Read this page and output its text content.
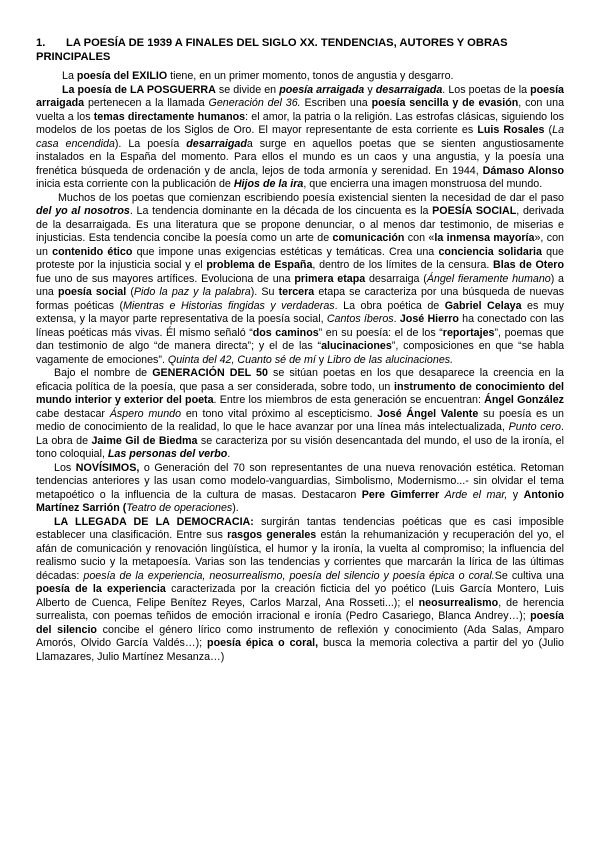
1. LA POESÍA DE 1939 A FINALES DEL SIGLO XX. TENDENCIAS, AUTORES Y OBRAS PRINCIPALES

La poesía del EXILIO tiene, en un primer momento, tonos de angustia y desgarro.

La poesía de LA POSGUERRA se divide en poesía arraigada y desarraigada. Los poetas de la poesía arraigada pertenecen a la llamada Generación del 36. Escriben una poesía sencilla y de evasión, con una vuelta a los temas directamente humanos: el amor, la patria o la religión. Las estrofas clásicas, siguiendo los modelos de los poetas de los Siglos de Oro. El mayor representante de esta corriente es Luis Rosales (La casa encendida). La poesía desarraigada surge en aquellos poetas que se sienten angustiosamente instalados en la España del momento. Para ellos el mundo es un caos y una angustia, y la poesía una frenética búsqueda de ordenación y de ancla, lejos de toda armonía y serenidad. En 1944, Dámaso Alonso inicia esta corriente con la publicación de Hijos de la ira, que encierra una imagen monstruosa del mundo.

Muchos de los poetas que comienzan escribiendo poesía existencial sienten la necesidad de dar el paso del yo al nosotros. La tendencia dominante en la década de los cincuenta es la POESÍA SOCIAL, derivada de la desarraigada. Es una literatura que se propone denunciar, o al menos dar testimonio, de miserias e injusticias. Esta tendencia concibe la poesía como un arte de comunicación con «la inmensa mayoría», con un contenido ético que impone unas exigencias estéticas y temáticas. Crea una conciencia solidaria que proteste por la injusticia social y el problema de España, dentro de los límites de la censura. Blas de Otero fue uno de sus mayores artífices. Evoluciona de una primera etapa desarraiga (Ángel fieramente humano) a una poesía social (Pido la paz y la palabra). Su tercera etapa se caracteriza por una búsqueda de nuevas formas poéticas (Mientras e Historias fingidas y verdaderas. La obra poética de Gabriel Celaya es muy extensa, y la mayor parte representativa de la poesía social, Cantos íberos. José Hierro ha conectado con las líneas poéticas más vivas. Él mismo señaló “dos caminos” en su poesía: el de los “reportajes”, poemas que dan testimonio de algo “de manera directa”; y el de las “alucinaciones”, composiciones en que “se habla vagamente de emociones”. Quinta del 42, Cuanto sé de mí y Libro de las alucinaciones.

Bajo el nombre de GENERACIÓN DEL 50 se sitúan poetas en los que desaparece la creencia en la eficacia política de la poesía, que pasa a ser considerada, sobre todo, un instrumento de conocimiento del mundo interior y exterior del poeta. Entre los miembros de esta generación se encuentran: Ángel González cabe destacar Áspero mundo en tono vital próximo al escepticismo. José Ángel Valente su poesía es un medio de conocimiento de la realidad, lo que le hace avanzar por una línea más intelectualizada, Punto cero. La obra de Jaime Gil de Biedma se caracteriza por su visión desencantada del mundo, el uso de la ironía, el tono coloquial, Las personas del verbo.

Los NOVÍSIMOS, o Generación del 70 son representantes de una nueva renovación estética. Retoman tendencias anteriores y las usan como modelo-vanguardias, Simbolismo, Modernismo...- sin olvidar el tema metapoético o la influencia de la cultura de masas. Destacaron Pere Gimferrer Arde el mar, y Antonio Martínez Sarrión (Teatro de operaciones).

LA LLEGADA DE LA DEMOCRACIA: surgirán tantas tendencias poéticas que es casi imposible establecer una clasificación. Entre sus rasgos generales están la rehumanización y recuperación del yo, el afán de comunicación y renovación lingüística, el humor y la ironía, la vuelta al compromiso; la influencia del realismo sucio y la metapoesía. Varias son las tendencias y corrientes que marcarán la lírica de las últimas décadas: poesía de la experiencia, neosurrealismo, poesía del silencio y poesía épica o coral.Se cultiva una poesía de la experiencia caracterizada por la creación ficticia del yo poético (Luis García Montero, Luis Alberto de Cuenca, Felipe Benítez Reyes, Carlos Marzal, Ana Rosseti...); el neosurrealismo, de herencia surrealista, con poemas teñidos de emoción irracional e ironía (Pedro Casariego, Blanca Andrey…); poesía del silencio concibe el género lírico como instrumento de reflexión y conocimiento (Ada Salas, Amparo Amorós, Olvido García Valdés…); poesía épica o coral, busca la memoria colectiva a partir del yo (Julio Llamazares, Julio Martínez Mesanza…)
